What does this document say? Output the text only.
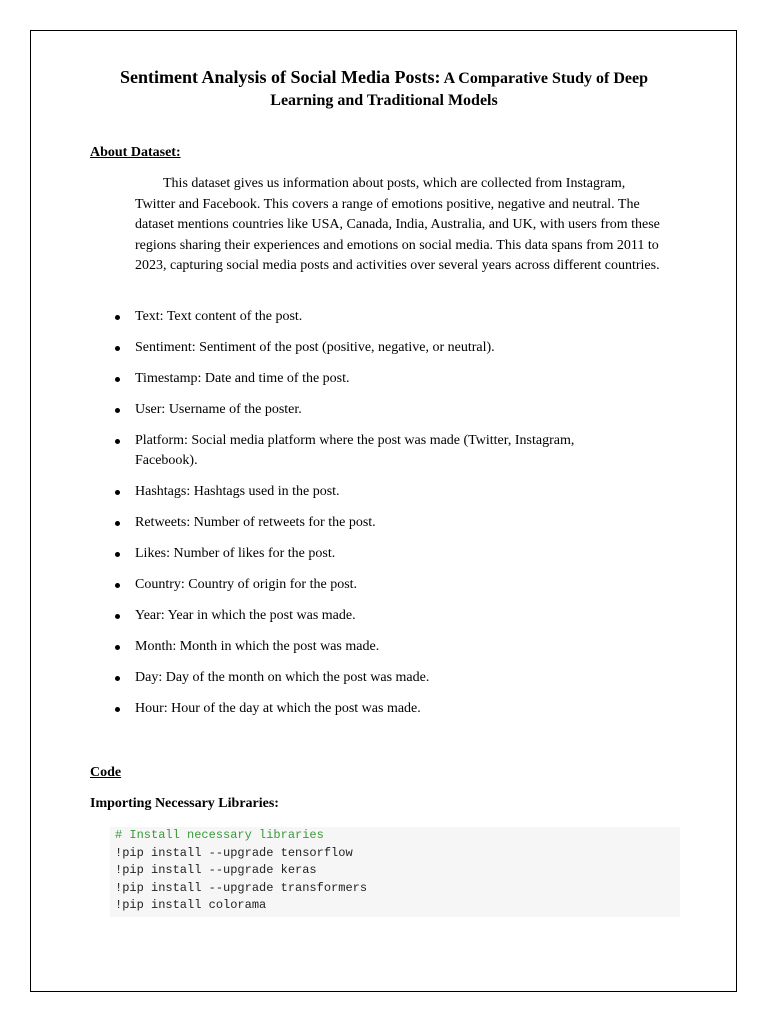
Sentiment Analysis of Social Media Posts: A Comparative Study of Deep
Learning and Traditional Models
About Dataset:

This dataset gives us information about posts, which are collected from Instagram, Twitter and Facebook. This covers a range of emotions positive, negative and neutral. The dataset mentions countries like USA, Canada, India, Australia, and UK, with users from these regions sharing their experiences and emotions on social media. This data spans from 2011 to 2023, capturing social media posts and activities over several years across different countries.

Text: Text content of the post.
Sentiment: Sentiment of the post (positive, negative, or neutral).
Timestamp: Date and time of the post.
User: Username of the poster.
Platform: Social media platform where the post was made (Twitter, Instagram, Facebook).
Hashtags: Hashtags used in the post.
Retweets: Number of retweets for the post.
Likes: Number of likes for the post.
Country: Country of origin for the post.
Year: Year in which the post was made.
Month: Month in which the post was made.
Day: Day of the month on which the post was made.
Hour: Hour of the day at which the post was made.
Code
Importing Necessary Libraries:
# Install necessary libraries
!pip install --upgrade tensorflow
!pip install --upgrade keras
!pip install --upgrade transformers
!pip install colorama
